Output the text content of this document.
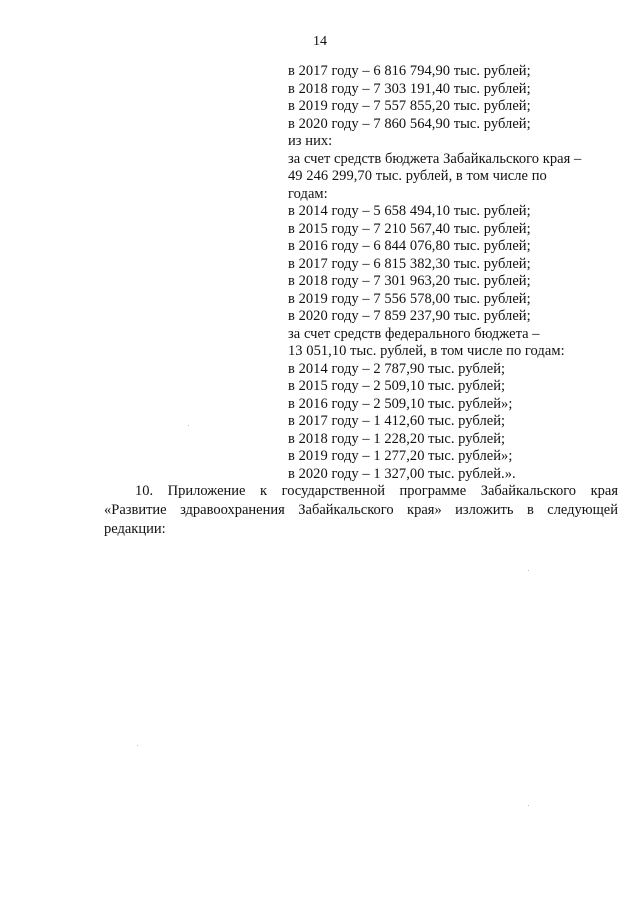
14
в 2017 году – 6 816 794,90 тыс. рублей;
в 2018 году – 7 303 191,40 тыс. рублей;
в 2019 году – 7 557 855,20 тыс. рублей;
в 2020 году – 7 860 564,90 тыс. рублей;
из них:
за счет средств бюджета Забайкальского края –
49 246 299,70 тыс. рублей, в том числе по
годам:
в 2014 году – 5 658 494,10 тыс. рублей;
в 2015 году – 7 210 567,40 тыс. рублей;
в 2016 году – 6 844 076,80 тыс. рублей;
в 2017 году – 6 815 382,30 тыс. рублей;
в 2018 году – 7 301 963,20 тыс. рублей;
в 2019 году – 7 556 578,00 тыс. рублей;
в 2020 году – 7 859 237,90 тыс. рублей;
за счет средств федерального бюджета –
13 051,10 тыс. рублей, в том числе по годам:
в 2014 году – 2 787,90 тыс. рублей;
в 2015 году – 2 509,10 тыс. рублей;
в 2016 году – 2 509,10 тыс. рублей»;
в 2017 году – 1 412,60 тыс. рублей;
в 2018 году – 1 228,20 тыс. рублей;
в 2019 году – 1 277,20 тыс. рублей»;
в 2020 году – 1 327,00 тыс. рублей.».
10. Приложение к государственной программе Забайкальского края
«Развитие здравоохранения Забайкальского края» изложить в следующей
редакции:
